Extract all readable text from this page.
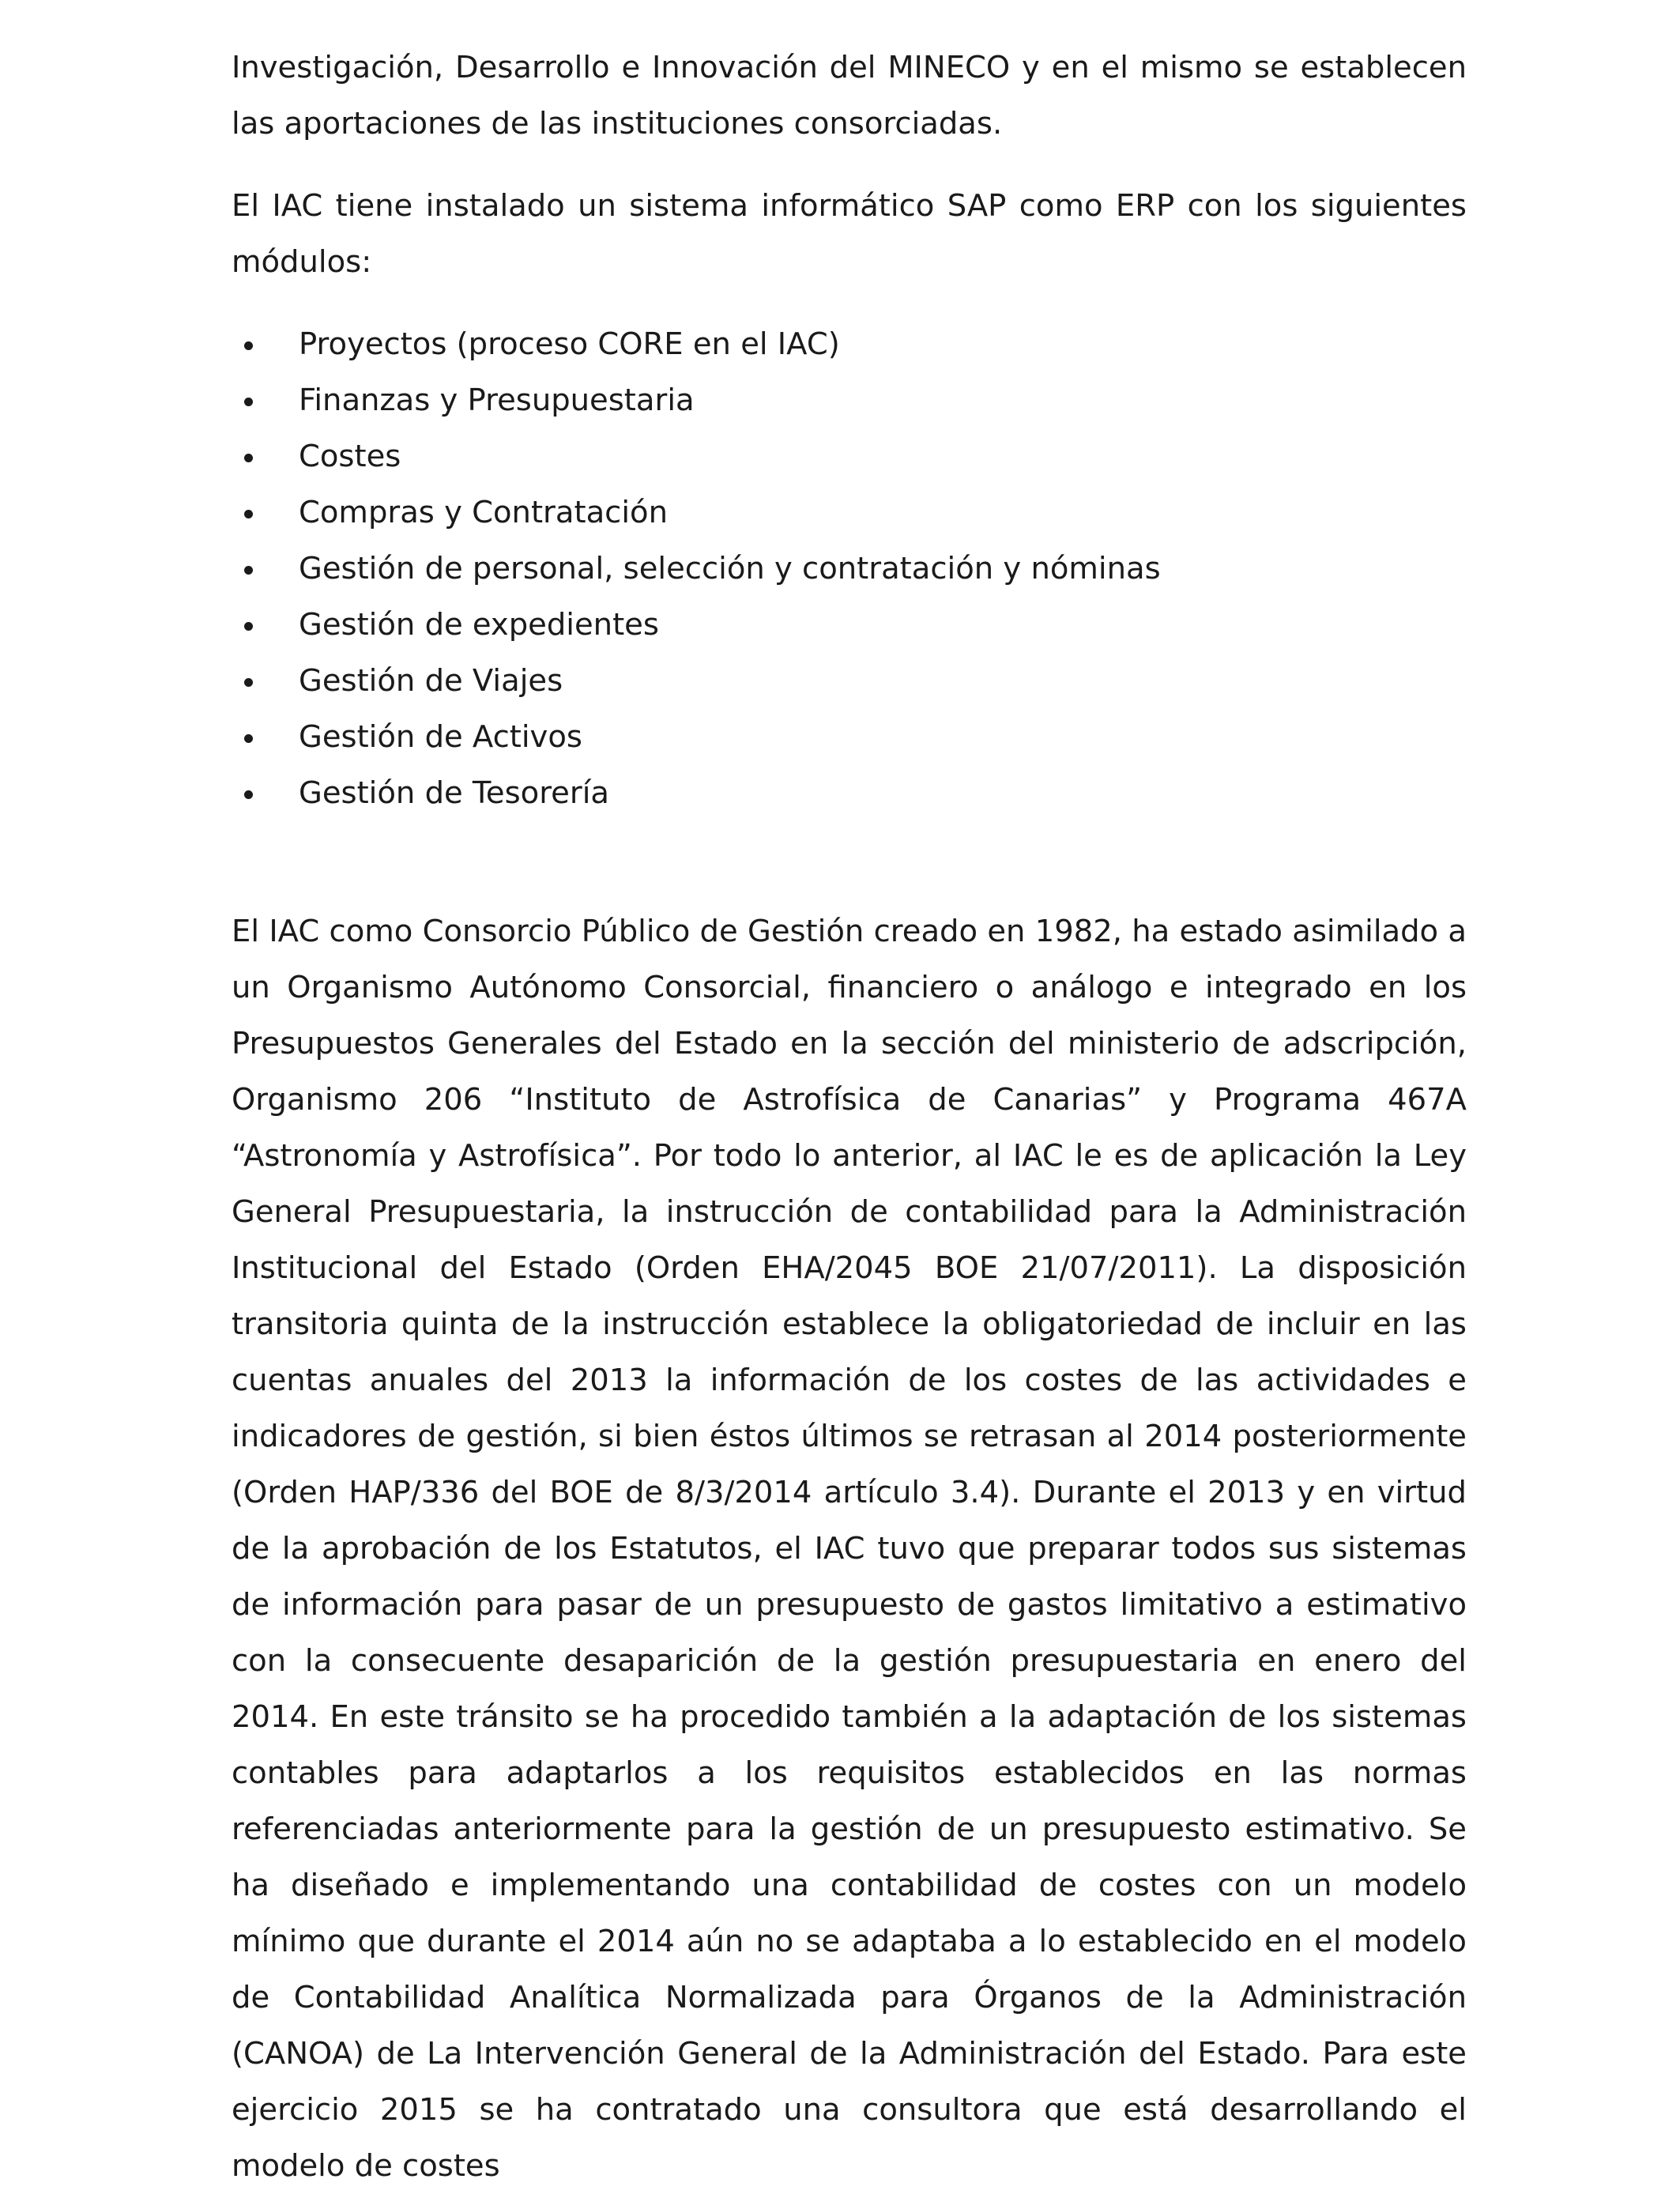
Investigación, Desarrollo e Innovación del MINECO y en el mismo se establecen las aportaciones de las instituciones consorciadas.

El IAC tiene instalado un sistema informático SAP como ERP con los siguientes módulos:

Proyectos (proceso CORE en el IAC)
Finanzas y Presupuestaria
Costes
Compras y Contratación
Gestión de personal, selección y contratación y nóminas
Gestión de expedientes
Gestión de Viajes
Gestión de Activos
Gestión de Tesorería

El IAC como Consorcio Público de Gestión creado en 1982, ha estado asimilado a un Organismo Autónomo Consorcial, financiero o análogo e integrado en los Presupuestos Generales del Estado en la sección del ministerio de adscripción, Organismo 206 “Instituto de Astrofísica de Canarias” y Programa 467A “Astronomía y Astrofísica”. Por todo lo anterior, al IAC le es de aplicación la Ley General Presupuestaria, la instrucción de contabilidad para la Administración Institucional del Estado (Orden EHA/2045 BOE 21/07/2011). La disposición transitoria quinta de la instrucción establece la obligatoriedad de incluir en las cuentas anuales del 2013 la información de los costes de las actividades e indicadores de gestión, si bien éstos últimos se retrasan al 2014 posteriormente (Orden HAP/336 del BOE de 8/3/2014 artículo 3.4). Durante el 2013 y en virtud de la aprobación de los Estatutos, el IAC tuvo que preparar todos sus sistemas de información para pasar de un presupuesto de gastos limitativo a estimativo con la consecuente desaparición de la gestión presupuestaria en enero del 2014. En este tránsito se ha procedido también a la adaptación de los sistemas contables para adaptarlos a los requisitos establecidos en las normas referenciadas anteriormente para la gestión de un presupuesto estimativo. Se ha diseñado e implementando una contabilidad de costes con un modelo mínimo que durante el 2014 aún no se adaptaba a lo establecido en el modelo de Contabilidad Analítica Normalizada para Órganos de la Administración (CANOA) de La Intervención General de la Administración del Estado. Para este ejercicio 2015 se ha contratado una consultora que está desarrollando el modelo de costes
